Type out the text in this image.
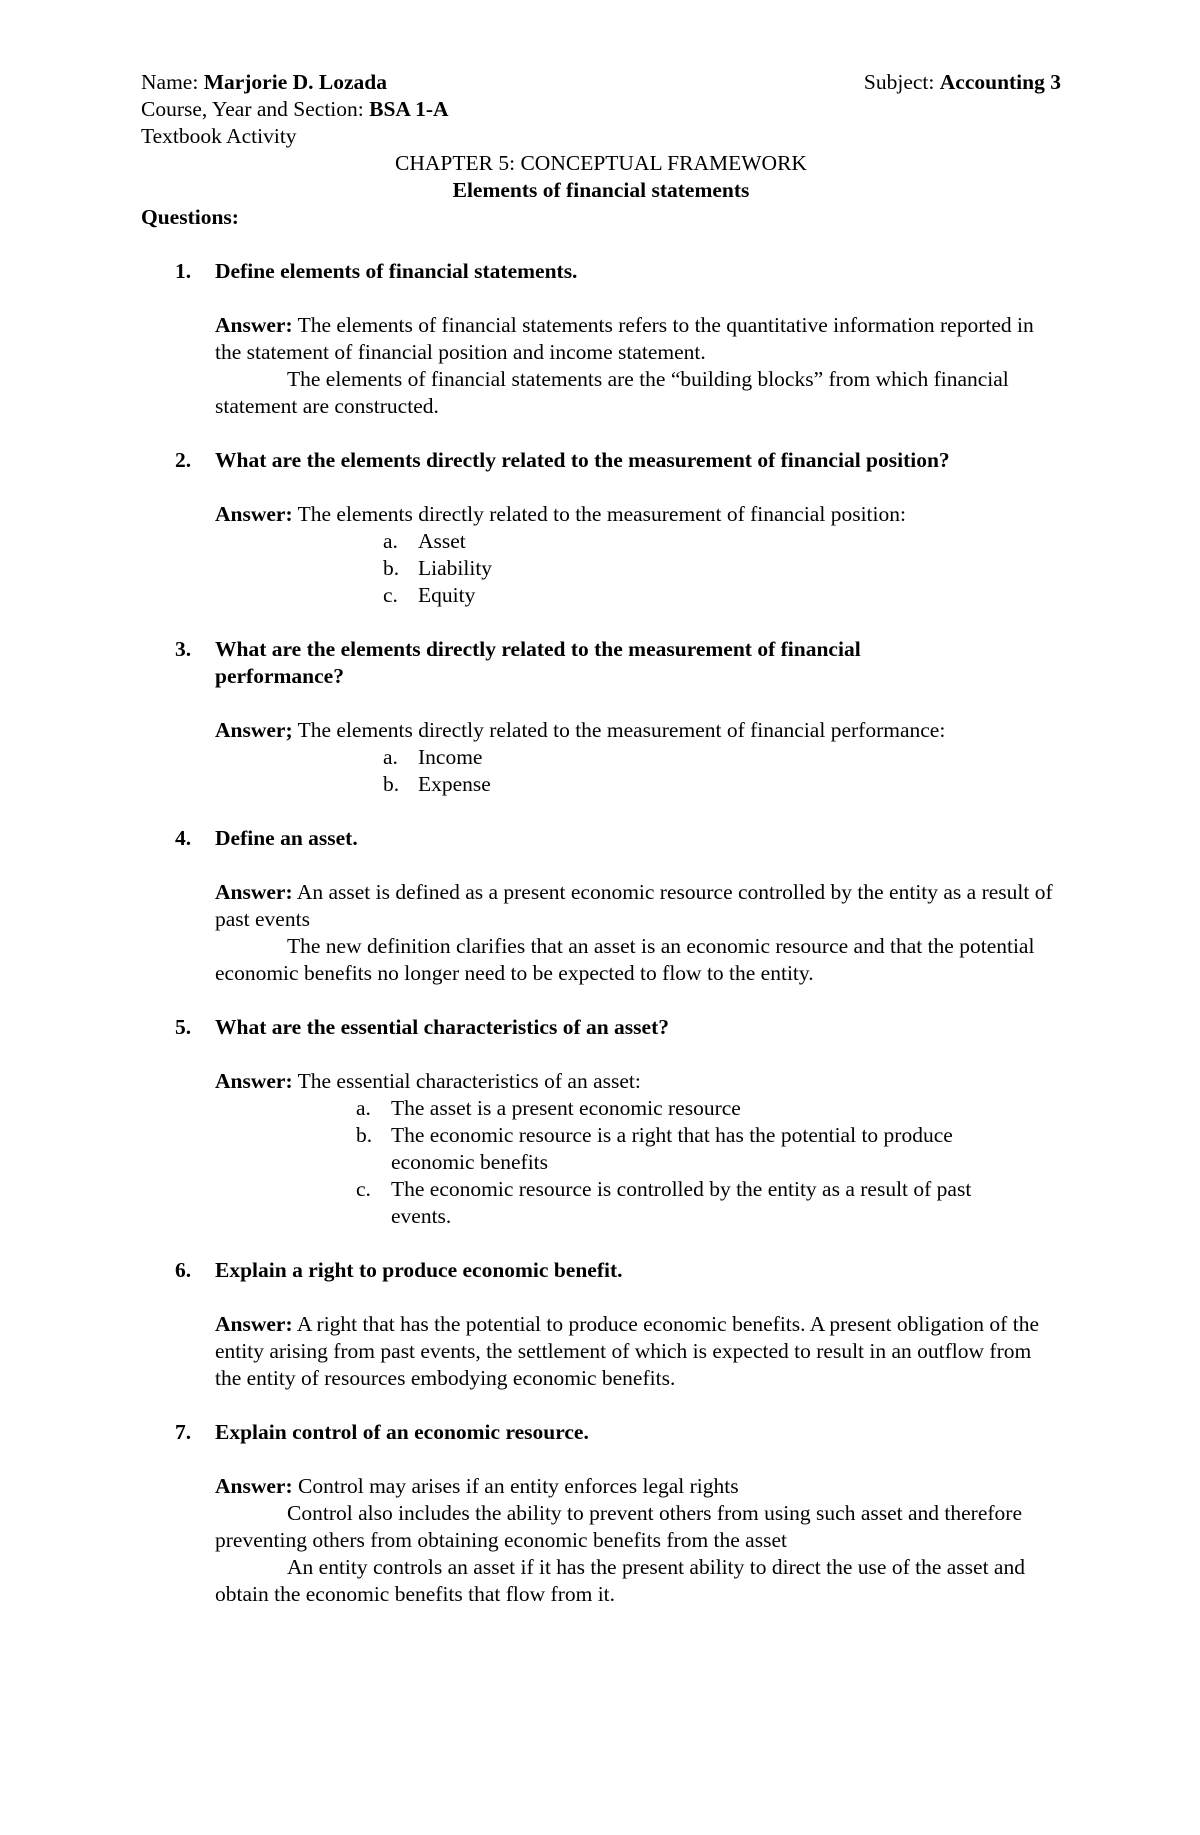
Name: Marjorie D. Lozada	Subject: Accounting 3
Course, Year and Section: BSA 1-A
Textbook Activity
CHAPTER 5: CONCEPTUAL FRAMEWORK
Elements of financial statements
Questions:
1.	Define elements of financial statements.

Answer: The elements of financial statements refers to the quantitative information reported in the statement of financial position and income statement.

The elements of financial statements are the “building blocks” from which financial statement are constructed.

2.	What are the elements directly related to the measurement of financial position?

Answer: The elements directly related to the measurement of financial position:

a. Asset
b. Liability
c. Equity
3.	What are the elements directly related to the measurement of financial performance?

Answer; The elements directly related to the measurement of financial performance:

a. Income
b. Expense
4.	Define an asset.

Answer: An asset is defined as a present economic resource controlled by the entity as a result of past events

The new definition clarifies that an asset is an economic resource and that the potential economic benefits no longer need to be expected to flow to the entity.

5.	What are the essential characteristics of an asset?

Answer: The essential characteristics of an asset:

a. The asset is a present economic resource
b. The economic resource is a right that has the potential to produce economic benefits
c. The economic resource is controlled by the entity as a result of past events.
6.	Explain a right to produce economic benefit.

Answer: A right that has the potential to produce economic benefits. A present obligation of the entity arising from past events, the settlement of which is expected to result in an outflow from the entity of resources embodying economic benefits.

7.	Explain control of an economic resource.

Answer: Control may arises if an entity enforces legal rights

Control also includes the ability to prevent others from using such asset and therefore preventing others from obtaining economic benefits from the asset

An entity controls an asset if it has the present ability to direct the use of the asset and obtain the economic benefits that flow from it.
